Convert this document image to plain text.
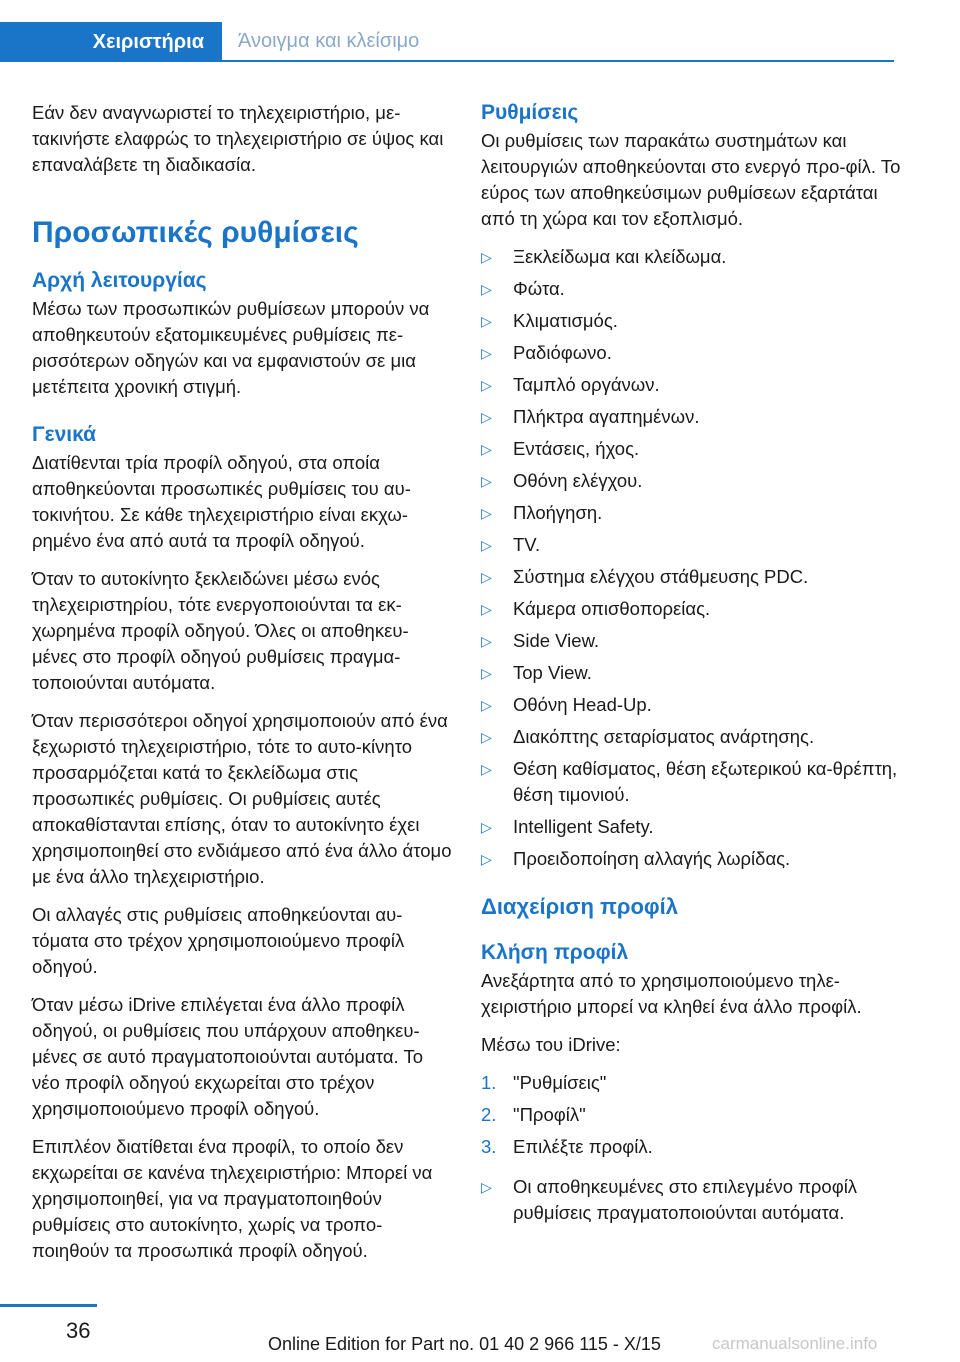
Χειριστήρια	Άνοιγμα και κλείσιμο

Εάν δεν αναγνωριστεί το τηλεχειριστήριο, με-τακινήστε ελαφρώς το τηλεχειριστήριο σε ύψος και επαναλάβετε τη διαδικασία.

Προσωπικές ρυθμίσεις
Αρχή λειτουργίας

Μέσω των προσωπικών ρυθμίσεων μπορούν να αποθηκευτούν εξατομικευμένες ρυθμίσεις πε-ρισσότερων οδηγών και να εμφανιστούν σε μια μετέπειτα χρονική στιγμή.

Γενικά

Διατίθενται τρία προφίλ οδηγού, στα οποία αποθηκεύονται προσωπικές ρυθμίσεις του αυ-τοκινήτου. Σε κάθε τηλεχειριστήριο είναι εκχω-ρημένο ένα από αυτά τα προφίλ οδηγού.

Όταν το αυτοκίνητο ξεκλειδώνει μέσω ενός τηλεχειριστηρίου, τότε ενεργοποιούνται τα εκ-χωρημένα προφίλ οδηγού. Όλες οι αποθηκευ-μένες στο προφίλ οδηγού ρυθμίσεις πραγμα-τοποιούνται αυτόματα.

Όταν περισσότεροι οδηγοί χρησιμοποιούν από ένα ξεχωριστό τηλεχειριστήριο, τότε το αυτο-κίνητο προσαρμόζεται κατά το ξεκλείδωμα στις προσωπικές ρυθμίσεις. Οι ρυθμίσεις αυτές αποκαθίστανται επίσης, όταν το αυτοκίνητο έχει χρησιμοποιηθεί στο ενδιάμεσο από ένα άλλο άτομο με ένα άλλο τηλεχειριστήριο.

Οι αλλαγές στις ρυθμίσεις αποθηκεύονται αυ-τόματα στο τρέχον χρησιμοποιούμενο προφίλ οδηγού.

Όταν μέσω iDrive επιλέγεται ένα άλλο προφίλ οδηγού, οι ρυθμίσεις που υπάρχουν αποθηκευ-μένες σε αυτό πραγματοποιούνται αυτόματα. Το νέο προφίλ οδηγού εκχωρείται στο τρέχον χρησιμοποιούμενο προφίλ οδηγού.

Επιπλέον διατίθεται ένα προφίλ, το οποίο δεν εκχωρείται σε κανένα τηλεχειριστήριο: Μπορεί να χρησιμοποιηθεί, για να πραγματοποιηθούν ρυθμίσεις στο αυτοκίνητο, χωρίς να τροπο-ποιηθούν τα προσωπικά προφίλ οδηγού.

Ρυθμίσεις

Οι ρυθμίσεις των παρακάτω συστημάτων και λειτουργιών αποθηκεύονται στο ενεργό προ-φίλ. Το εύρος των αποθηκεύσιμων ρυθμίσεων εξαρτάται από τη χώρα και τον εξοπλισμό.

▷ Ξεκλείδωμα και κλείδωμα.
▷ Φώτα.
▷ Κλιματισμός.
▷ Ραδιόφωνο.
▷ Ταμπλό οργάνων.
▷ Πλήκτρα αγαπημένων.
▷ Εντάσεις, ήχος.
▷ Οθόνη ελέγχου.
▷ Πλοήγηση.
▷ TV.
▷ Σύστημα ελέγχου στάθμευσης PDC.
▷ Κάμερα οπισθοπορείας.
▷ Side View.
▷ Top View.
▷ Οθόνη Head-Up.
▷ Διακόπτης σεταρίσματος ανάρτησης.
▷ Θέση καθίσματος, θέση εξωτερικού κα-θρέπτη, θέση τιμονιού.
▷ Intelligent Safety.
▷ Προειδοποίηση αλλαγής λωρίδας.
Διαχείριση προφίλ
Κλήση προφίλ

Ανεξάρτητα από το χρησιμοποιούμενο τηλε-χειριστήριο μπορεί να κληθεί ένα άλλο προφίλ.

Μέσω του iDrive:

1. "Ρυθμίσεις"
2. "Προφίλ"
3. Επιλέξτε προφίλ.
▷ Οι αποθηκευμένες στο επιλεγμένο προφίλ ρυθμίσεις πραγματοποιούνται αυτόματα.
36
Online Edition for Part no. 01 40 2 966 115 - X/15	carmanualsonline.info
